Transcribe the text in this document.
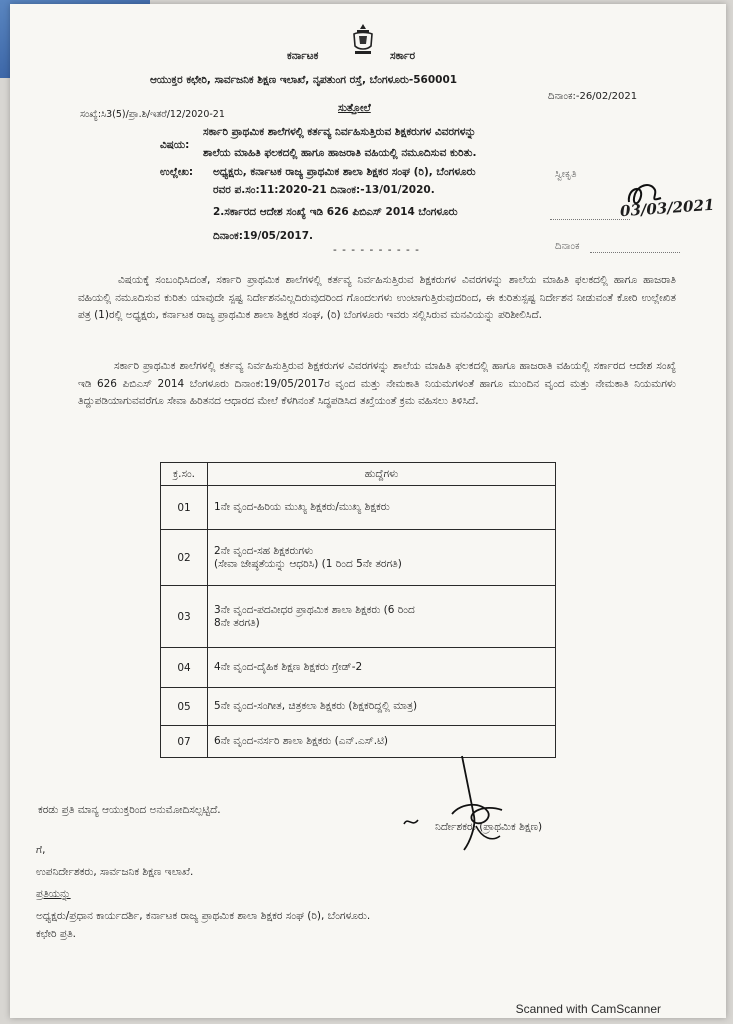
ಕರ್ನಾಟಕ	ಸರ್ಕಾರ
ಆಯುಕ್ತರ ಕಛೇರಿ, ಸಾರ್ವಜನಿಕ ಶಿಕ್ಷಣ ಇಲಾಖೆ, ನೃಪತುಂಗ ರಸ್ತೆ, ಬೆಂಗಳೂರು-560001
ಸಂಖ್ಯೆ:ಸಿ3(5)/ಪ್ರಾ.ಶಿ/ಇತರೆ/12/2020-21
ದಿನಾಂಕ:-26/02/2021
ಸುತ್ತೋಲೆ
ವಿಷಯ:
ಸರ್ಕಾರಿ ಪ್ರಾಥಮಿಕ ಶಾಲೆಗಳಲ್ಲಿ ಕರ್ತವ್ಯ ನಿರ್ವಹಿಸುತ್ತಿರುವ ಶಿಕ್ಷಕರುಗಳ ವಿವರಗಳನ್ನು
ಶಾಲೆಯ ಮಾಹಿತಿ ಫಲಕದಲ್ಲಿ ಹಾಗೂ ಹಾಜರಾತಿ ವಹಿಯಲ್ಲಿ ನಮೂದಿಸುವ ಕುರಿತು.
ಉಲ್ಲೇಖ: ಅಧ್ಯಕ್ಷರು, ಕರ್ನಾಟಕ ರಾಜ್ಯ ಪ್ರಾಥಮಿಕ ಶಾಲಾ ಶಿಕ್ಷಕರ ಸಂಘ (ರಿ), ಬೆಂಗಳೂರು
ರವರ ಪ.ಸಂ:11:2020-21 ದಿನಾಂಕ:-13/01/2020.
2.ಸರ್ಕಾರದ ಆದೇಶ ಸಂಖ್ಯೆ ಇಡಿ 626 ಪಿಬಿಎಸ್ 2014 ಬೆಂಗಳೂರು
ದಿನಾಂಕ:19/05/2017.
- - - - - - - - - -
ಸ್ವೀಕೃತಿ
03/03/2021
ದಿನಾಂಕ
ವಿಷಯಕ್ಕೆ ಸಂಬಂಧಿಸಿದಂತೆ, ಸರ್ಕಾರಿ ಪ್ರಾಥಮಿಕ ಶಾಲೆಗಳಲ್ಲಿ ಕರ್ತವ್ಯ ನಿರ್ವಹಿಸುತ್ತಿರುವ ಶಿಕ್ಷಕರುಗಳ ವಿವರಗಳನ್ನು ಶಾಲೆಯ ಮಾಹಿತಿ ಫಲಕದಲ್ಲಿ ಹಾಗೂ ಹಾಜರಾತಿ ವಹಿಯಲ್ಲಿ ನಮೂದಿಸುವ ಕುರಿತು ಯಾವುದೇ ಸ್ಪಷ್ಟ ನಿರ್ದೇಶನವಿಲ್ಲದಿರುವುದರಿಂದ ಗೊಂದಲಗಳು ಉಂಟಾಗುತ್ತಿರುವುದರಿಂದ, ಈ ಕುರಿತುಸ್ಪಷ್ಟ ನಿರ್ದೇಶನ ನೀಡುವಂತೆ ಕೋರಿ ಉಲ್ಲೇಖಿತ ಪತ್ರ (1)ರಲ್ಲಿ ಅಧ್ಯಕ್ಷರು, ಕರ್ನಾಟಕ ರಾಜ್ಯ ಪ್ರಾಥಮಿಕ ಶಾಲಾ ಶಿಕ್ಷಕರ ಸಂಘ, (ರಿ) ಬೆಂಗಳೂರು ಇವರು ಸಲ್ಲಿಸಿರುವ ಮನವಿಯನ್ನು ಪರಿಶೀಲಿಸಿದೆ.
ಸರ್ಕಾರಿ ಪ್ರಾಥಮಿಕ ಶಾಲೆಗಳಲ್ಲಿ ಕರ್ತವ್ಯ ನಿರ್ವಹಿಸುತ್ತಿರುವ ಶಿಕ್ಷಕರುಗಳ ವಿವರಗಳನ್ನು ಶಾಲೆಯ ಮಾಹಿತಿ ಫಲಕದಲ್ಲಿ ಹಾಗೂ ಹಾಜರಾತಿ ವಹಿಯಲ್ಲಿ ಸರ್ಕಾರದ ಆದೇಶ ಸಂಖ್ಯೆ ಇಡಿ 626 ಪಿಬಿಎಸ್ 2014 ಬೆಂಗಳೂರು ದಿನಾಂಕ:19/05/2017ರ ವೃಂದ ಮತ್ತು ನೇಮಕಾತಿ ನಿಯಮಗಳಂತೆ ಹಾಗೂ ಮುಂದಿನ ವೃಂದ ಮತ್ತು ನೇಮಕಾತಿ ನಿಯಮಗಳು ತಿದ್ದುಪಡಿಯಾಗುವವರೆಗೂ ಸೇವಾ ಹಿರಿತನದ ಆಧಾರದ ಮೇಲೆ ಕೆಳಗಿನಂತೆ ಸಿದ್ಧಪಡಿಸಿದ ತಖ್ತೆಯಂತೆ ಕ್ರಮ ವಹಿಸಲು ತಿಳಿಸಿದೆ.
ಕ್ರ.ಸಂ.	ಹುದ್ದೆಗಳು
01	1ನೇ ವೃಂದ-ಹಿರಿಯ ಮುಖ್ಯ ಶಿಕ್ಷಕರು/ಮುಖ್ಯ ಶಿಕ್ಷಕರು
02	2ನೇ ವೃಂದ-ಸಹ ಶಿಕ್ಷಕರುಗಳು
(ಸೇವಾ ಜೇಷ್ಠತೆಯನ್ನು ಆಧರಿಸಿ) (1 ರಿಂದ 5ನೇ ತರಗತಿ)

03	3ನೇ ವೃಂದ-ಪದವೀಧರ ಪ್ರಾಥಮಿಕ ಶಾಲಾ ಶಿಕ್ಷಕರು (6 ರಿಂದ
8ನೇ ತರಗತಿ)

04	4ನೇ ವೃಂದ-ದೈಹಿಕ ಶಿಕ್ಷಣ ಶಿಕ್ಷಕರು ಗ್ರೇಡ್-2
05	5ನೇ ವೃಂದ-ಸಂಗೀತ, ಚಿತ್ರಕಲಾ ಶಿಕ್ಷಕರು (ಶಿಕ್ಷಕರಿದ್ದಲ್ಲಿ ಮಾತ್ರ)
07	6ನೇ ವೃಂದ-ನರ್ಸರಿ ಶಾಲಾ ಶಿಕ್ಷಕರು (ಎನ್.ಎಸ್.ಟಿ)
ಕರಡು ಪ್ರತಿ ಮಾನ್ಯ ಆಯುಕ್ತರಿಂದ ಅನುಮೋದಿಸಲ್ಪಟ್ಟಿದೆ.
ನಿರ್ದೇಶಕರು (ಪ್ರಾಥಮಿಕ ಶಿಕ್ಷಣ)
ಗೆ,
ಉಪನಿರ್ದೇಶಕರು, ಸಾರ್ವಜನಿಕ ಶಿಕ್ಷಣ ಇಲಾಖೆ.
ಪ್ರತಿಯನ್ನು
ಅಧ್ಯಕ್ಷರು/ಪ್ರಧಾನ ಕಾರ್ಯದರ್ಶಿ, ಕರ್ನಾಟಕ ರಾಜ್ಯ ಪ್ರಾಥಮಿಕ ಶಾಲಾ ಶಿಕ್ಷಕರ ಸಂಘ (ರಿ), ಬೆಂಗಳೂರು.
ಕಛೇರಿ ಪ್ರತಿ.
Scanned with CamScanner
